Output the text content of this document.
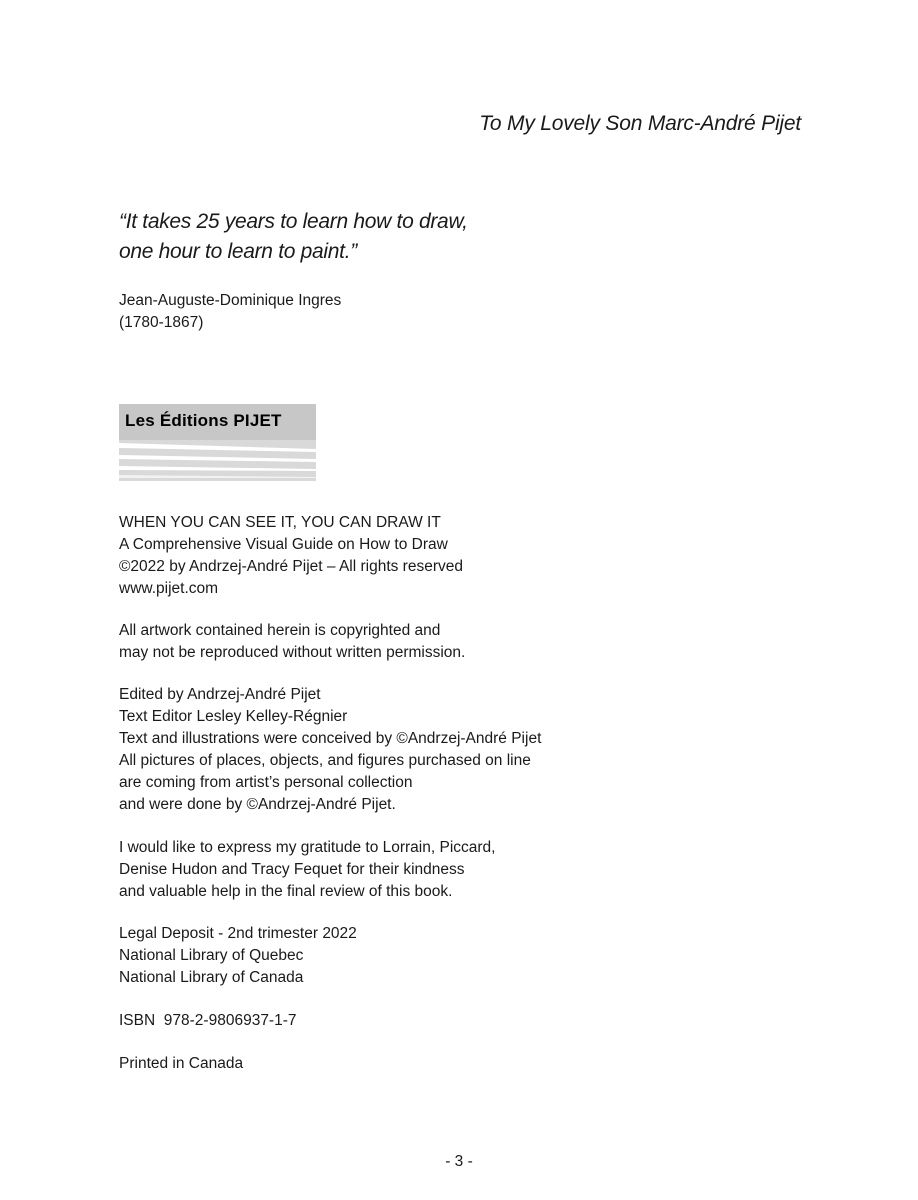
To My Lovely Son Marc-André Pijet
“It takes 25 years to learn how to draw,
one hour to learn to paint.”
Jean-Auguste-Dominique Ingres
(1780-1867)
Les Éditions PIJET
WHEN YOU CAN SEE IT, YOU CAN DRAW IT
A Comprehensive Visual Guide on How to Draw
©2022 by Andrzej-André Pijet – All rights reserved
www.pijet.com
All artwork contained herein is copyrighted and
may not be reproduced without written permission.
Edited by Andrzej-André Pijet
Text Editor Lesley Kelley-Régnier
Text and illustrations were conceived by ©Andrzej-André Pijet
All pictures of places, objects, and figures purchased on line
are coming from artist’s personal collection
and were done by ©Andrzej-André Pijet.
I would like to express my gratitude to Lorrain, Piccard,
Denise Hudon and Tracy Fequet for their kindness
and valuable help in the final review of this book.
Legal Deposit - 2nd trimester 2022
National Library of Quebec
National Library of Canada
ISBN  978-2-9806937-1-7
Printed in Canada
- 3 -
